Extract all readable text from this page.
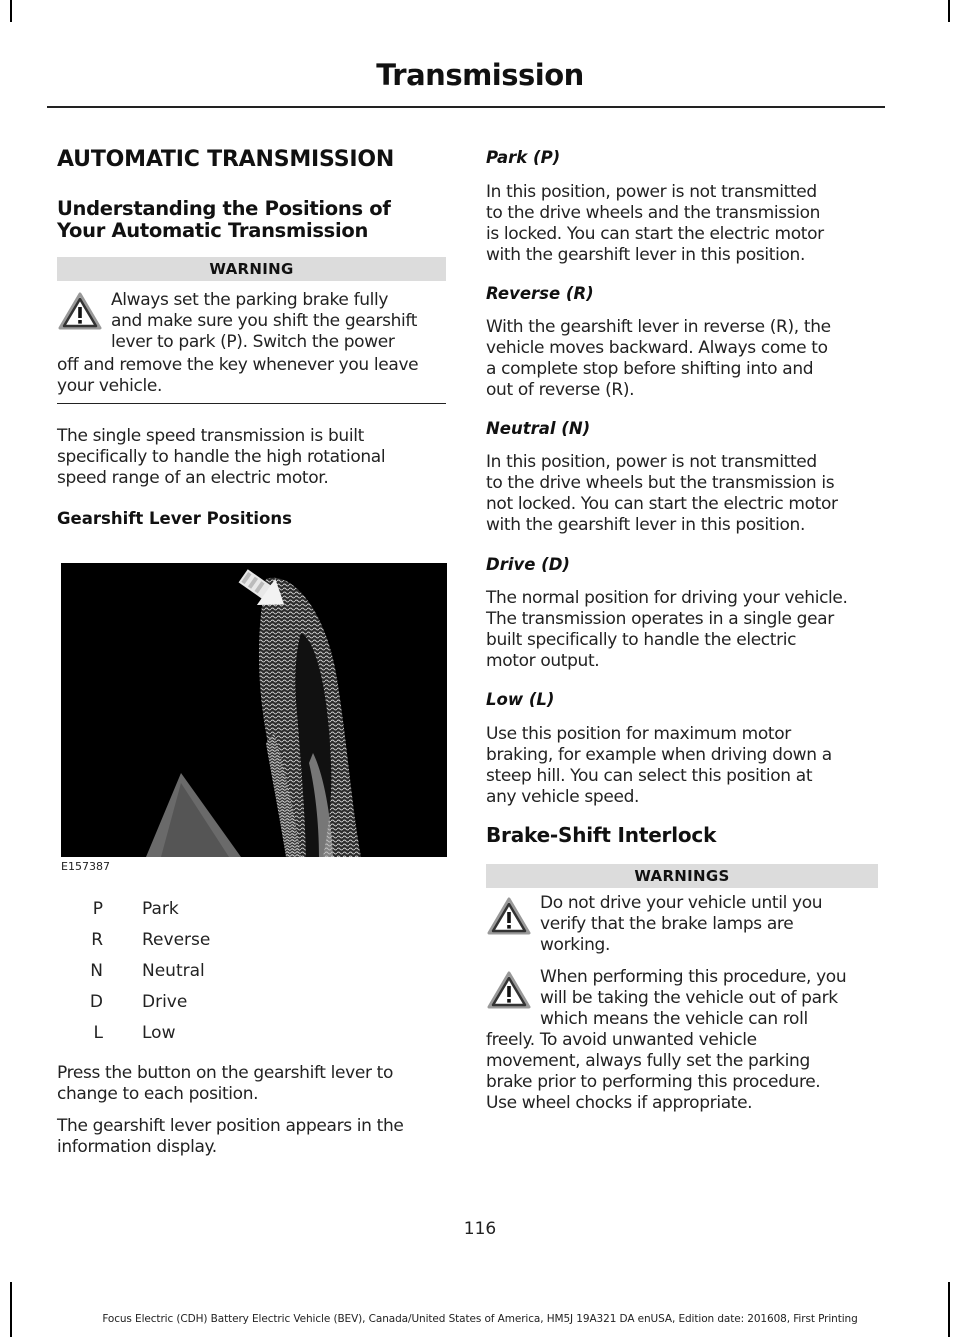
Transmission
AUTOMATIC TRANSMISSION
Understanding the Positions of
Your Automatic Transmission
WARNING
Always set the parking brake fully
and make sure you shift the gearshift
lever to park (P). Switch the power
off and remove the key whenever you leave
your vehicle.
The single speed transmission is built
specifically to handle the high rotational
speed range of an electric motor.
Gearshift Lever Positions
E157387
P Park
R Reverse
N Neutral
D Drive
L Low
Press the button on the gearshift lever to
change to each position.
The gearshift lever position appears in the
information display.
Park (P)
In this position, power is not transmitted
to the drive wheels and the transmission
is locked. You can start the electric motor
with the gearshift lever in this position.
Reverse (R)
With the gearshift lever in reverse (R), the
vehicle moves backward. Always come to
a complete stop before shifting into and
out of reverse (R).
Neutral (N)
In this position, power is not transmitted
to the drive wheels but the transmission is
not locked. You can start the electric motor
with the gearshift lever in this position.
Drive (D)
The normal position for driving your vehicle.
The transmission operates in a single gear
built specifically to handle the electric
motor output.
Low (L)
Use this position for maximum motor
braking, for example when driving down a
steep hill. You can select this position at
any vehicle speed.
Brake-Shift Interlock
WARNINGS
Do not drive your vehicle until you
verify that the brake lamps are
working.
When performing this procedure, you
will be taking the vehicle out of park
which means the vehicle can roll
freely. To avoid unwanted vehicle
movement, always fully set the parking
brake prior to performing this procedure.
Use wheel chocks if appropriate.
116
Focus Electric (CDH) Battery Electric Vehicle (BEV), Canada/United States of America, HM5J 19A321 DA enUSA, Edition date: 201608, First Printing
